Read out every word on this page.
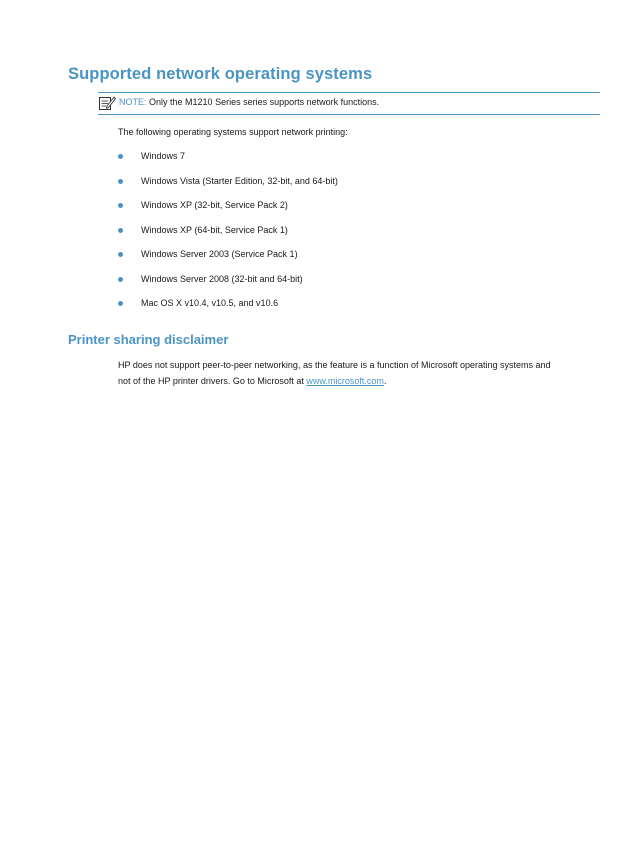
Supported network operating systems
NOTE: Only the M1210 Series series supports network functions.

The following operating systems support network printing:

Windows 7
Windows Vista (Starter Edition, 32-bit, and 64-bit)
Windows XP (32-bit, Service Pack 2)
Windows XP (64-bit, Service Pack 1)
Windows Server 2003 (Service Pack 1)
Windows Server 2008 (32-bit and 64-bit)
Mac OS X v10.4, v10.5, and v10.6
Printer sharing disclaimer

HP does not support peer-to-peer networking, as the feature is a function of Microsoft operating systems and
not of the HP printer drivers. Go to Microsoft at www.microsoft.com.
